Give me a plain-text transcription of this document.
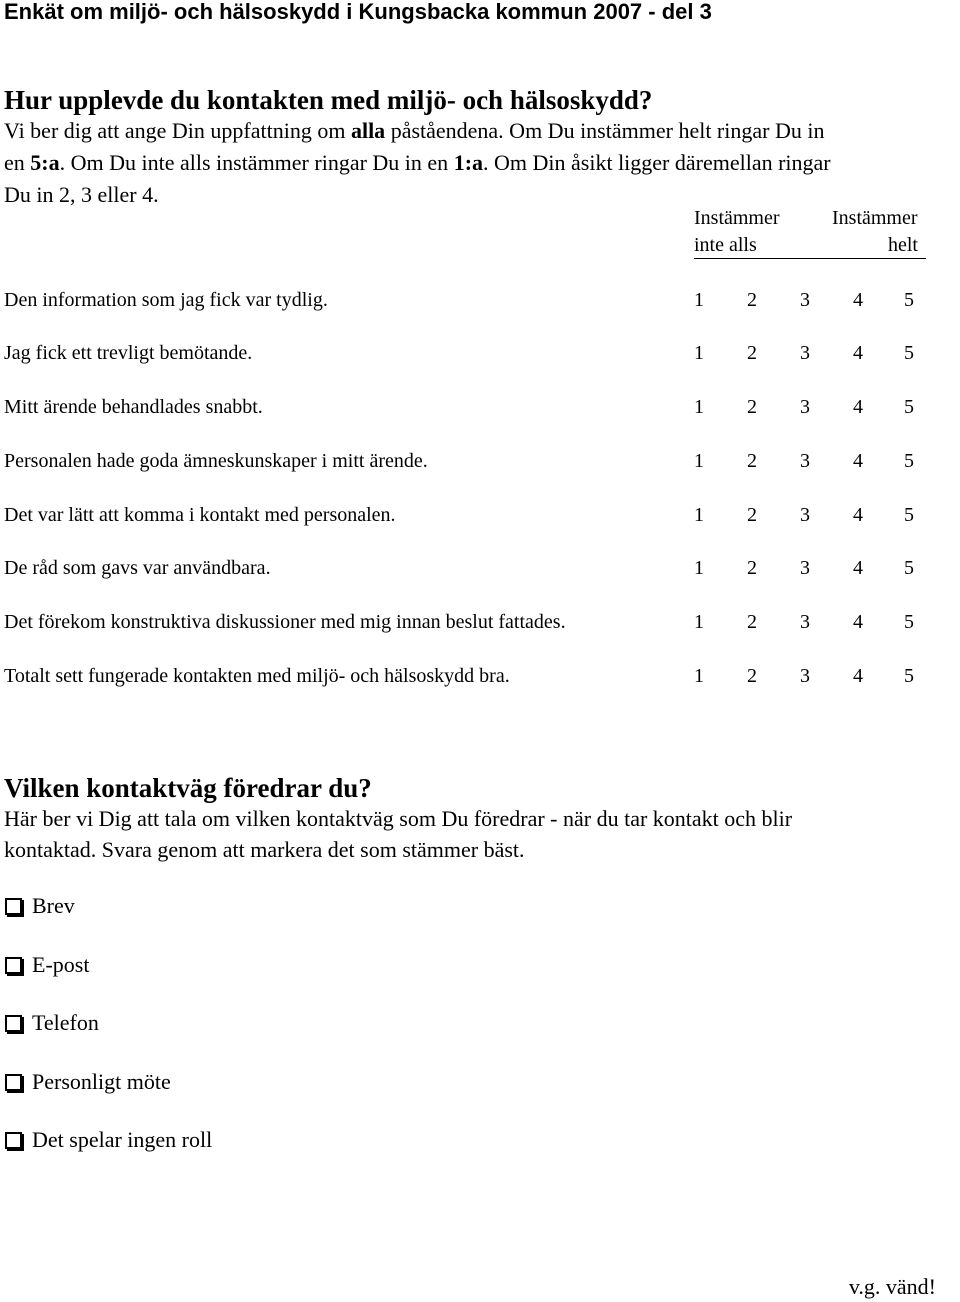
Enkät om miljö- och hälsoskydd i Kungsbacka kommun 2007 - del 3
Hur upplevde du kontakten med miljö- och hälsoskydd?
Vi ber dig att ange Din uppfattning om alla påståendena. Om Du instämmer helt ringar Du in
en 5:a. Om Du inte alls instämmer ringar Du in en 1:a. Om Din åsikt ligger däremellan ringar
Du in 2, 3 eller 4.
Instämmer
inte alls
Instämmer
helt
Den information som jag fick var tydlig.	1 2 3 4 5
Jag fick ett trevligt bemötande.	1 2 3 4 5
Mitt ärende behandlades snabbt.	1 2 3 4 5
Personalen hade goda ämneskunskaper i mitt ärende.	1 2 3 4 5
Det var lätt att komma i kontakt med personalen.	1 2 3 4 5
De råd som gavs var användbara.	1 2 3 4 5
Det förekom konstruktiva diskussioner med mig innan beslut fattades.	1 2 3 4 5
Totalt sett fungerade kontakten med miljö- och hälsoskydd bra.	1 2 3 4 5
Vilken kontaktväg föredrar du?
Här ber vi Dig att tala om vilken kontaktväg som Du föredrar - när du tar kontakt och blir
kontaktad. Svara genom att markera det som stämmer bäst.
Brev
E-post
Telefon
Personligt möte
Det spelar ingen roll
v.g. vänd!
